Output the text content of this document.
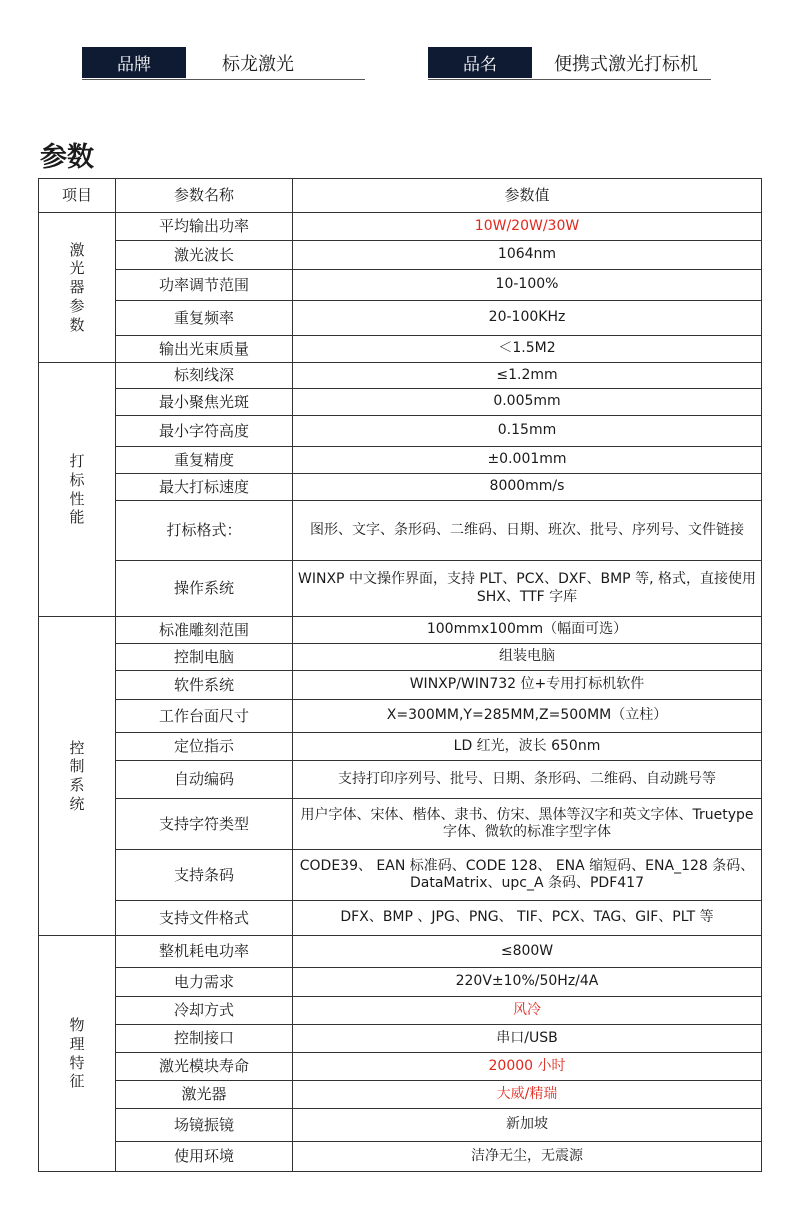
品牌	标龙激光	品名	便携式激光打标机
参数
项目	参数名称	参数值

激
光
器
参
数	平均输出功率	10W/20W/30W
	激光波长	1064nm
	功率调节范围	10-100%
	重复频率	20-100KHz
	输出光束质量	＜1.5M2

打
标
性
能	标刻线深	≤1.2mm
	最小聚焦光斑	0.005mm
	最小字符高度	0.15mm
	重复精度	±0.001mm
	最大打标速度	8000mm/s
	打标格式：	图形、文字、条形码、二维码、日期、班次、批号、序列号、文件链接
	操作系统	WINXP 中文操作界面，支持 PLT、PCX、DXF、BMP 等, 格式，直接使用 SHX、TTF 字库

控
制
系
统	标准雕刻范围	100mmx100mm（幅面可选）
	控制电脑	组装电脑
	软件系统	WINXP/WIN732 位+专用打标机软件
	工作台面尺寸	X=300MM,Y=285MM,Z=500MM（立柱）
	定位指示	LD 红光，波长 650nm
	自动编码	支持打印序列号、批号、日期、条形码、二维码、自动跳号等
	支持字符类型	用户字体、宋体、楷体、隶书、仿宋、黑体等汉字和英文字体、Truetype 字体、微软的标准字型字体
	支持条码	CODE39、 EAN 标准码、CODE 128、 ENA 缩短码、ENA_128 条码、DataMatrix、upc_A 条码、PDF417
	支持文件格式	DFX、BMP 、JPG、PNG、 TIF、PCX、TAG、GIF、PLT 等

物
理
特
征	整机耗电功率	≤800W
	电力需求	220V±10%/50Hz/4A
	冷却方式	风冷
	控制接口	串口/USB
	激光模块寿命	20000 小时
	激光器	大威/精瑞
	场镜振镜	新加坡
	使用环境	洁净无尘，无震源
